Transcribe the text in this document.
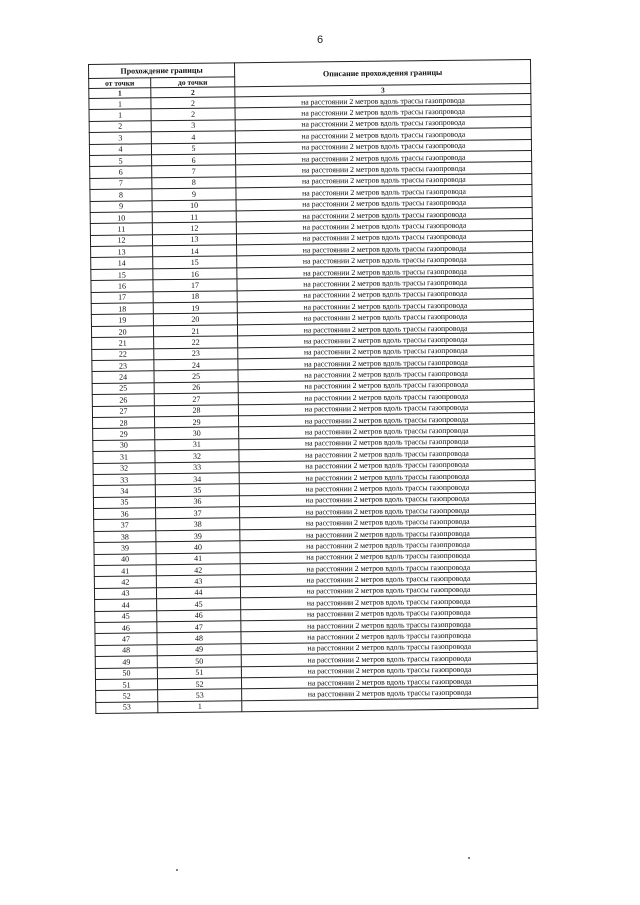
6
Прохождение границы		Описание прохождения границы
от точки	до точки	
1	2	3
1	2	на расстоянии 2 метров вдоль трассы газопровода
1	2	на расстоянии 2 метров вдоль трассы газопровода
2	3	на расстоянии 2 метров вдоль трассы газопровода
3	4	на расстоянии 2 метров вдоль трассы газопровода
4	5	на расстоянии 2 метров вдоль трассы газопровода
5	6	на расстоянии 2 метров вдоль трассы газопровода
6	7	на расстоянии 2 метров вдоль трассы газопровода
7	8	на расстоянии 2 метров вдоль трассы газопровода
8	9	на расстоянии 2 метров вдоль трассы газопровода
9	10	на расстоянии 2 метров вдоль трассы газопровода
10	11	на расстоянии 2 метров вдоль трассы газопровода
11	12	на расстоянии 2 метров вдоль трассы газопровода
12	13	на расстоянии 2 метров вдоль трассы газопровода
13	14	на расстоянии 2 метров вдоль трассы газопровода
14	15	на расстоянии 2 метров вдоль трассы газопровода
15	16	на расстоянии 2 метров вдоль трассы газопровода
16	17	на расстоянии 2 метров вдоль трассы газопровода
17	18	на расстоянии 2 метров вдоль трассы газопровода
18	19	на расстоянии 2 метров вдоль трассы газопровода
19	20	на расстоянии 2 метров вдоль трассы газопровода
20	21	на расстоянии 2 метров вдоль трассы газопровода
21	22	на расстоянии 2 метров вдоль трассы газопровода
22	23	на расстоянии 2 метров вдоль трассы газопровода
23	24	на расстоянии 2 метров вдоль трассы газопровода
24	25	на расстоянии 2 метров вдоль трассы газопровода
25	26	на расстоянии 2 метров вдоль трассы газопровода
26	27	на расстоянии 2 метров вдоль трассы газопровода
27	28	на расстоянии 2 метров вдоль трассы газопровода
28	29	на расстоянии 2 метров вдоль трассы газопровода
29	30	на расстоянии 2 метров вдоль трассы газопровода
30	31	на расстоянии 2 метров вдоль трассы газопровода
31	32	на расстоянии 2 метров вдоль трассы газопровода
32	33	на расстоянии 2 метров вдоль трассы газопровода
33	34	на расстоянии 2 метров вдоль трассы газопровода
34	35	на расстоянии 2 метров вдоль трассы газопровода
35	36	на расстоянии 2 метров вдоль трассы газопровода
36	37	на расстоянии 2 метров вдоль трассы газопровода
37	38	на расстоянии 2 метров вдоль трассы газопровода
38	39	на расстоянии 2 метров вдоль трассы газопровода
39	40	на расстоянии 2 метров вдоль трассы газопровода
40	41	на расстоянии 2 метров вдоль трассы газопровода
41	42	на расстоянии 2 метров вдоль трассы газопровода
42	43	на расстоянии 2 метров вдоль трассы газопровода
43	44	на расстоянии 2 метров вдоль трассы газопровода
44	45	на расстоянии 2 метров вдоль трассы газопровода
45	46	на расстоянии 2 метров вдоль трассы газопровода
46	47	на расстоянии 2 метров вдоль трассы газопровода
47	48	на расстоянии 2 метров вдоль трассы газопровода
48	49	на расстоянии 2 метров вдоль трассы газопровода
49	50	на расстоянии 2 метров вдоль трассы газопровода
50	51	на расстоянии 2 метров вдоль трассы газопровода
51	52	на расстоянии 2 метров вдоль трассы газопровода
52	53	на расстоянии 2 метров вдоль трассы газопровода
53	1	
